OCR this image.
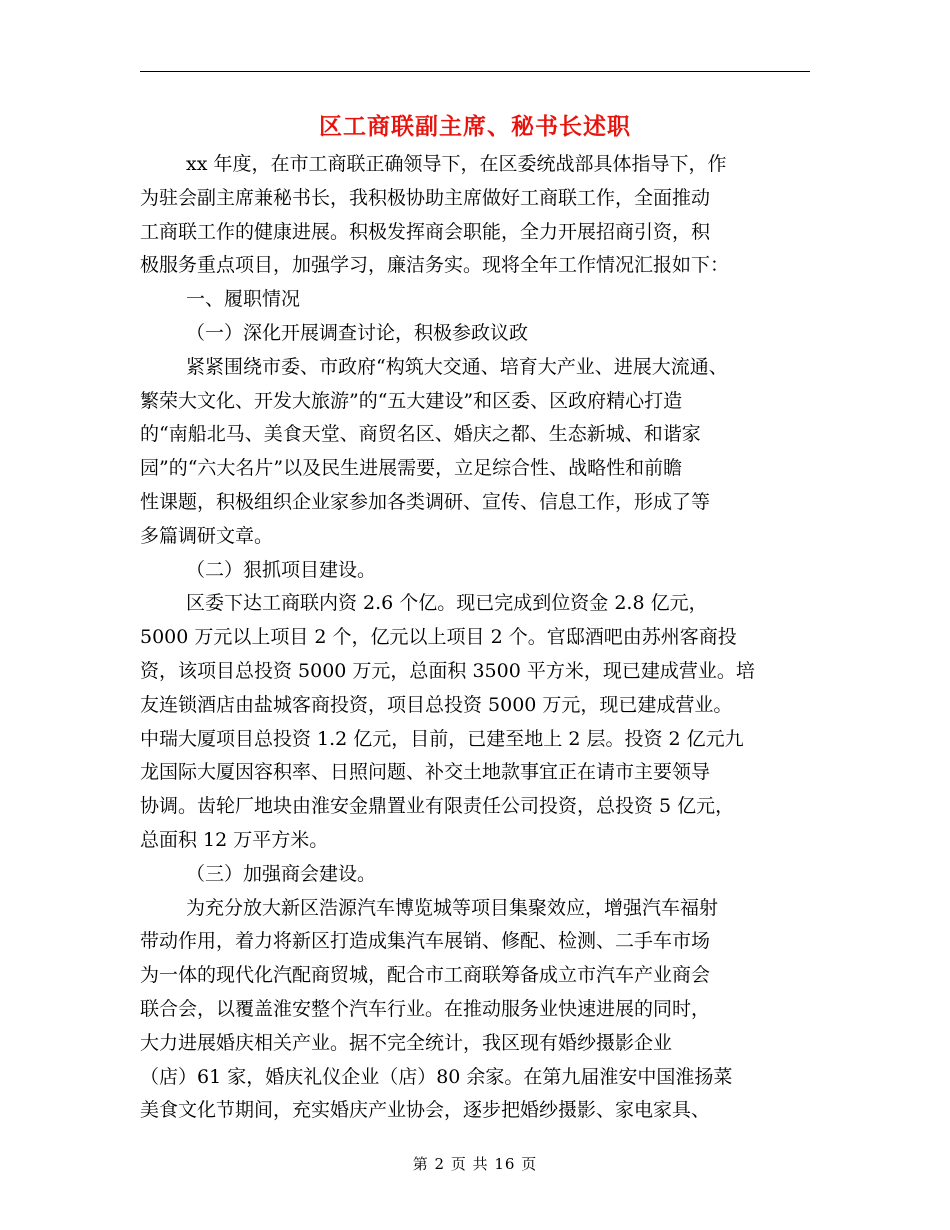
区工商联副主席、秘书长述职
xx 年度，在市工商联正确领导下，在区委统战部具体指导下，作
为驻会副主席兼秘书长，我积极协助主席做好工商联工作，全面推动
工商联工作的健康进展。积极发挥商会职能，全力开展招商引资，积
极服务重点项目，加强学习，廉洁务实。现将全年工作情况汇报如下：
一、履职情况
（一）深化开展调查讨论，积极参政议政
紧紧围绕市委、市政府“构筑大交通、培育大产业、进展大流通、
繁荣大文化、开发大旅游”的“五大建设”和区委、区政府精心打造
的“南船北马、美食天堂、商贸名区、婚庆之都、生态新城、和谐家
园”的“六大名片”以及民生进展需要，立足综合性、战略性和前瞻
性课题，积极组织企业家参加各类调研、宣传、信息工作，形成了等
多篇调研文章。
（二）狠抓项目建设。
区委下达工商联内资 2.6 个亿。现已完成到位资金 2.8 亿元，
5000 万元以上项目 2 个，亿元以上项目 2 个。官邸酒吧由苏州客商投
资，该项目总投资 5000 万元，总面积 3500 平方米，现已建成营业。培
友连锁酒店由盐城客商投资，项目总投资 5000 万元，现已建成营业。
中瑞大厦项目总投资 1.2 亿元，目前，已建至地上 2 层。投资 2 亿元九
龙国际大厦因容积率、日照问题、补交土地款事宜正在请市主要领导
协调。齿轮厂地块由淮安金鼎置业有限责任公司投资，总投资 5 亿元，
总面积 12 万平方米。
（三）加强商会建设。
为充分放大新区浩源汽车博览城等项目集聚效应，增强汽车福射
带动作用，着力将新区打造成集汽车展销、修配、检测、二手车市场
为一体的现代化汽配商贸城，配合市工商联筹备成立市汽车产业商会
联合会，以覆盖淮安整个汽车行业。在推动服务业快速进展的同时，
大力进展婚庆相关产业。据不完全统计，我区现有婚纱摄影企业
（店）61 家，婚庆礼仪企业（店）80 余家。在第九届淮安中国淮扬菜
美食文化节期间，充实婚庆产业协会，逐步把婚纱摄影、家电家具、
第 2 页 共 16 页
